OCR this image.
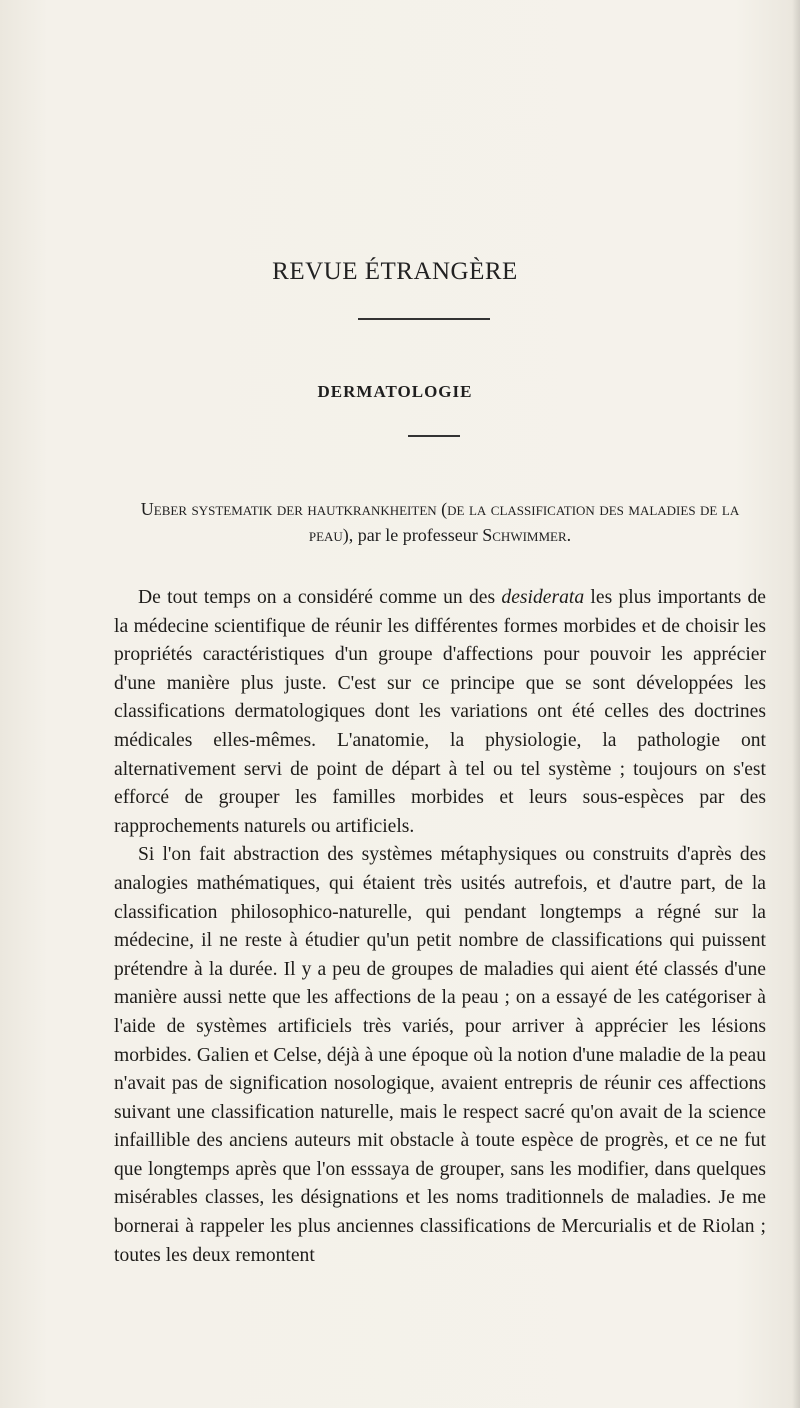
REVUE ÉTRANGÈRE
DERMATOLOGIE
Ueber systematik der hautkrankheiten (de la classification des maladies de la peau), par le professeur Schwimmer.

De tout temps on a considéré comme un des desiderata les plus importants de la médecine scientifique de réunir les différentes formes morbides et de choisir les propriétés caractéristiques d'un groupe d'affections pour pouvoir les apprécier d'une manière plus juste. C'est sur ce principe que se sont développées les classifications dermatologiques dont les variations ont été celles des doctrines médicales elles-mêmes. L'anatomie, la physiologie, la pathologie ont alternativement servi de point de départ à tel ou tel système ; toujours on s'est efforcé de grouper les familles morbides et leurs sous-espèces par des rapprochements naturels ou artificiels.

Si l'on fait abstraction des systèmes métaphysiques ou construits d'après des analogies mathématiques, qui étaient très usités autrefois, et d'autre part, de la classification philosophico-naturelle, qui pendant longtemps a régné sur la médecine, il ne reste à étudier qu'un petit nombre de classifications qui puissent prétendre à la durée. Il y a peu de groupes de maladies qui aient été classés d'une manière aussi nette que les affections de la peau ; on a essayé de les catégoriser à l'aide de systèmes artificiels très variés, pour arriver à apprécier les lésions morbides. Galien et Celse, déjà à une époque où la notion d'une maladie de la peau n'avait pas de signification nosologique, avaient entrepris de réunir ces affections suivant une classification naturelle, mais le respect sacré qu'on avait de la science infaillible des anciens auteurs mit obstacle à toute espèce de progrès, et ce ne fut que longtemps après que l'on esssaya de grouper, sans les modifier, dans quelques misérables classes, les désignations et les noms traditionnels de maladies. Je me bornerai à rappeler les plus anciennes classifications de Mercurialis et de Riolan ; toutes les deux remontent
